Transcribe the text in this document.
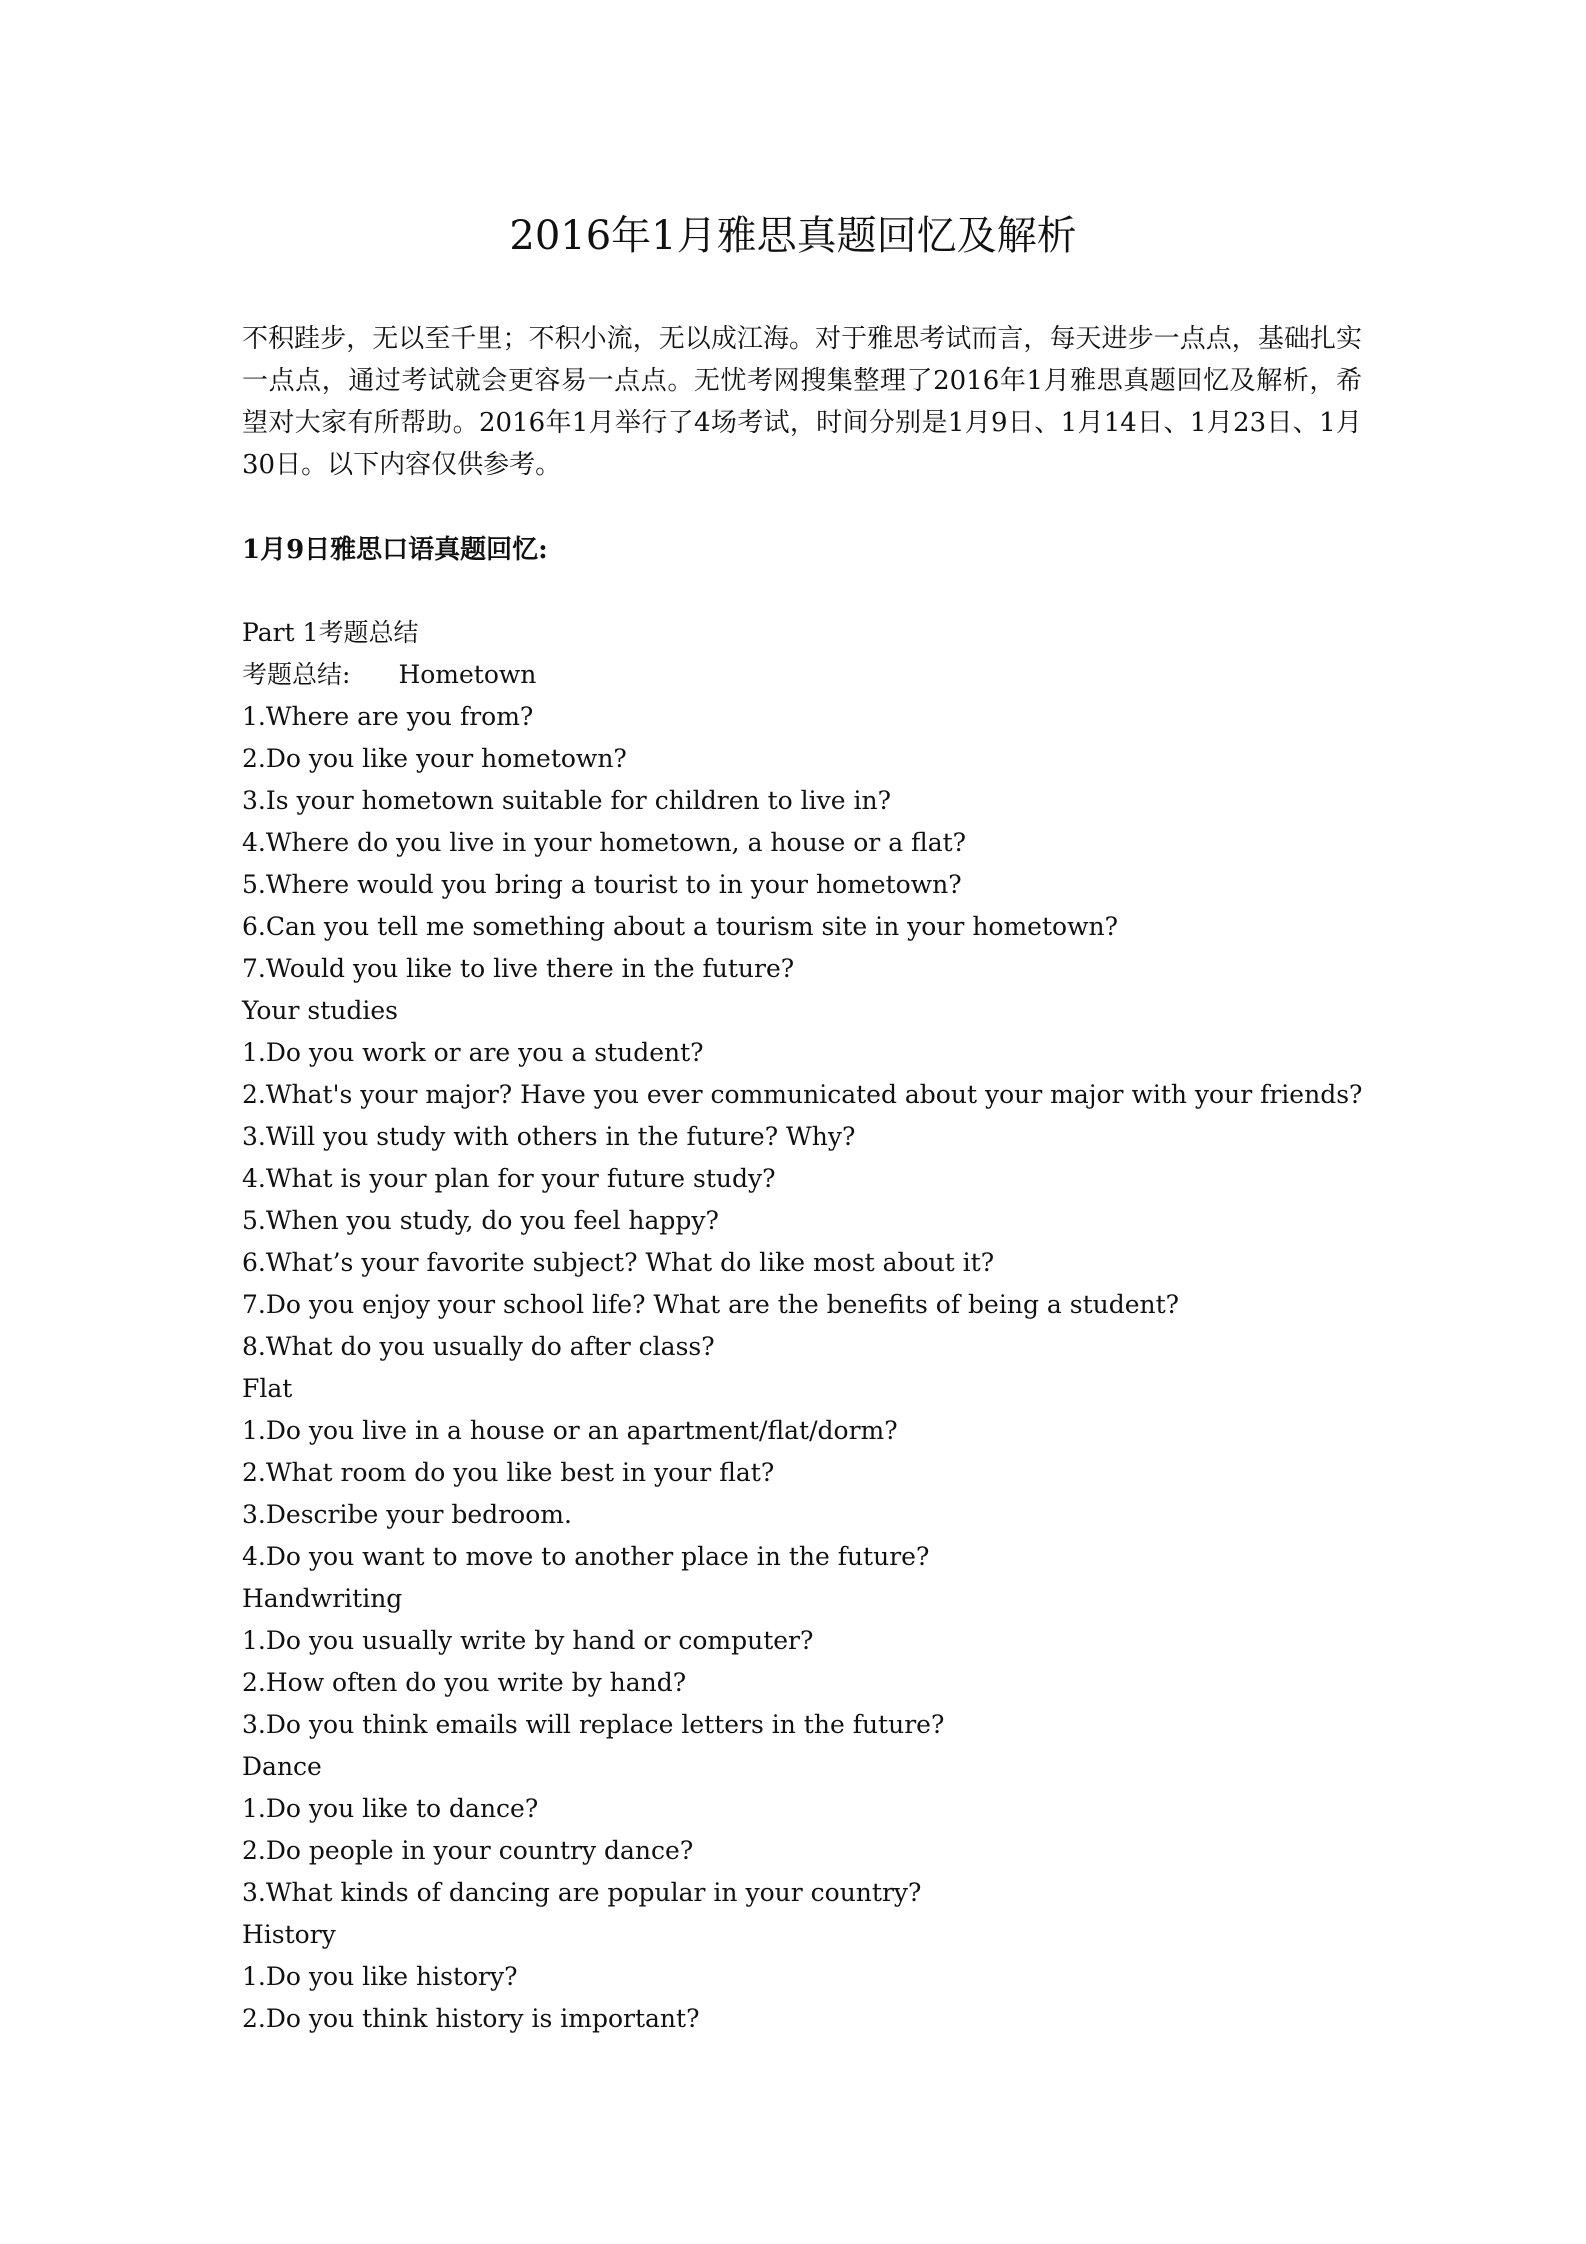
2016年1月雅思真题回忆及解析
不积跬步，无以至千里；不积小流，无以成江海。对于雅思考试而言，每天进步一点点，基础扎实一点点，通过考试就会更容易一点点。无忧考网搜集整理了2016年1月雅思真题回忆及解析，希望对大家有所帮助。2016年1月举行了4场考试，时间分别是1月9日、1月14日、1月23日、1月30日。以下内容仅供参考。
1月9日雅思口语真题回忆:
Part 1考题总结
考题总结: Hometown
1.Where are you from?
2.Do you like your hometown?
3.Is your hometown suitable for children to live in?
4.Where do you live in your hometown, a house or a flat?
5.Where would you bring a tourist to in your hometown?
6.Can you tell me something about a tourism site in your hometown?
7.Would you like to live there in the future?
Your studies
1.Do you work or are you a student?
2.What's your major? Have you ever communicated about your major with your friends?
3.Will you study with others in the future? Why?
4.What is your plan for your future study?
5.When you study, do you feel happy?
6.What’s your favorite subject? What do like most about it?
7.Do you enjoy your school life? What are the benefits of being a student?
8.What do you usually do after class?
Flat
1.Do you live in a house or an apartment/flat/dorm?
2.What room do you like best in your flat?
3.Describe your bedroom.
4.Do you want to move to another place in the future?
Handwriting
1.Do you usually write by hand or computer?
2.How often do you write by hand?
3.Do you think emails will replace letters in the future?
Dance
1.Do you like to dance?
2.Do people in your country dance?
3.What kinds of dancing are popular in your country?
History
1.Do you like history?
2.Do you think history is important?
